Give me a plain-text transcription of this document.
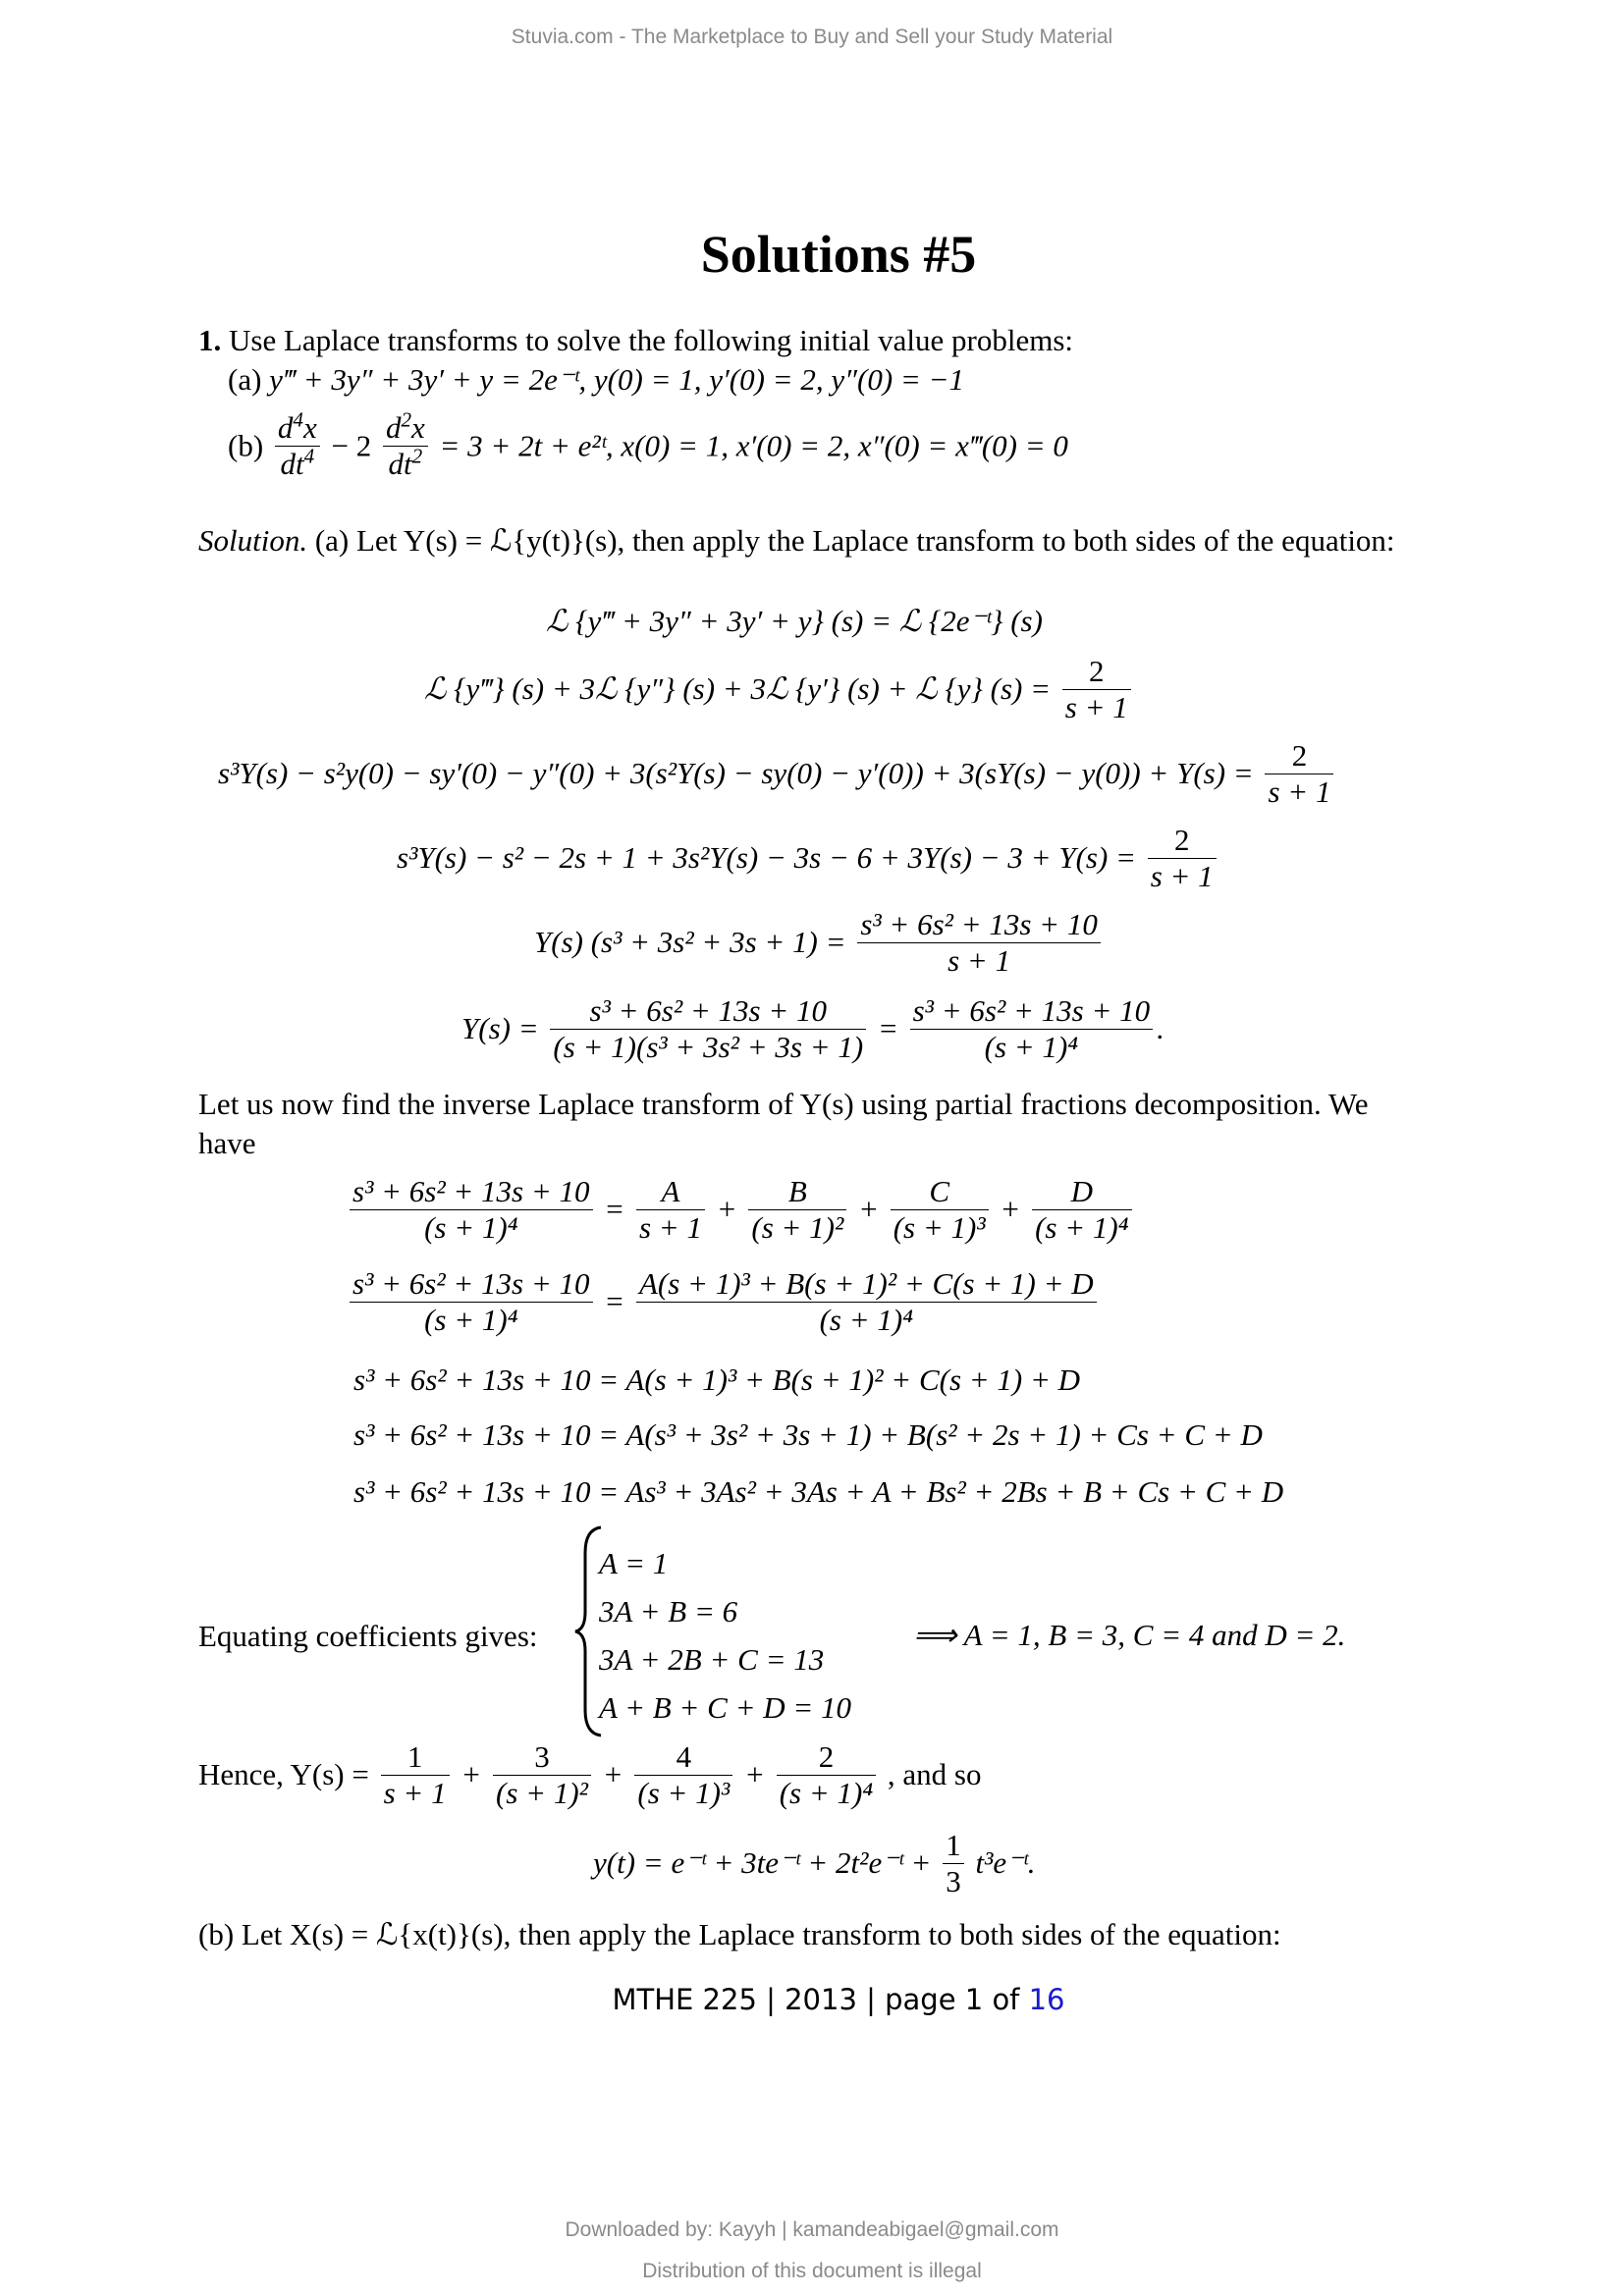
Stuvia.com - The Marketplace to Buy and Sell your Study Material
Solutions #5
1. Use Laplace transforms to solve the following initial value problems:
(a) y‴ + 3y″ + 3y′ + y = 2e⁻ᵗ, y(0) = 1, y′(0) = 2, y″(0) = −1
$(b) \frac{d^4x}{dt^4} - 2 \frac{d^2x}{dt^2} = 3 + 2t$ + e²ᵗ, x(0) = 1, x′(0) = 2, x″(0) = x‴(0) = 0
Solution. (a) Let Y(s) = ℒ{y(t)}(s), then apply the Laplace transform to both sides of the equation:
ℒ {y‴ + 3y″ + 3y′ + y} (s) = ℒ {2e⁻ᵗ} (s)
ℒ {y‴} (s) + 3ℒ {y″} (s) + 3ℒ {y′} (s) + ℒ {y} $(s) = \frac{2}{s + 1}$
$s^3Y(s) - s^2y(0) - sy'(0) - y''(0) + 3(s^2Y(s) - sy(0) - y'(0)) + 3(sY(s) - y(0)) + Y(s) = \frac{2}{s + 1}$
$s^3Y(s) - s^2 - 2s + 1 + 3s^2Y(s) - 3s - 6 + 3Y(s) - 3 + Y(s) = \frac{2}{s + 1}$
Y(s) $(s^3 + 3s^2 + 3s + 1) = \frac{\text{s³ + 6s² + 13s + 10}}{s + 1}$
$Y(s) = \frac{\text{s³ + 6s² + 13s + 10}}{\text{(s + 1)(s³ + 3s² + 3s + 1)}} = \frac{\text{s³ + 6s² + 13s + 10}}{\text{(s + 1)⁴}}$ .
Let us now find the inverse Laplace transform of Y(s) using partial fractions decomposition. We
have
$\frac{\text{s³ + 6s² + 13s + 10}}{\text{(s + 1)⁴}} = \frac{A}{s + 1} + \frac{B}{\text{(s + 1)²}} + \frac{C}{\text{(s + 1)³}} + \frac{D}{\text{(s + 1)⁴}}$
$\frac{\text{s³ + 6s² + 13s + 10}}{\text{(s + 1)⁴}} = \frac{\text{A(s + 1)³ + B(s + 1)² + C(s + 1) + D}}{\text{(s + 1)⁴}}$
s³ + 6s² + 13s + 10 = A(s + 1)³ + B(s + 1)² + C(s + 1) + D
s³ + 6s² + 13s + 10 = A(s³ + 3s² + 3s + 1) + B(s² + 2s + 1) + Cs + C + D
s³ + 6s² + 13s + 10 = As³ + 3As² + 3As + A + Bs² + 2Bs + B + Cs + C + D
Equating coefficients gives:
A = 1
3A + B = 6
3A + 2B + C = 13
A + B + C + D = 10
⟹ A = 1, B = 3, C = 4 and D = 2.
Hence, $Y(s) = \frac{1}{s + 1} + \frac{3}{\text{(s + 1)²}} + \frac{4}{\text{(s + 1)³}} + \frac{2}{\text{(s + 1)⁴}}$ , and so
y(t) = e⁻ᵗ + 3te⁻ᵗ + 2t²e⁻ᵗ + $\frac{1}{3}$ t³e⁻ᵗ.
(b) Let X(s) = ℒ{x(t)}(s), then apply the Laplace transform to both sides of the equation:
MTHE 225 | 2013 | page 1 of 16
Downloaded by: Kayyh | kamandeabigael@gmail.com
Distribution of this document is illegal
